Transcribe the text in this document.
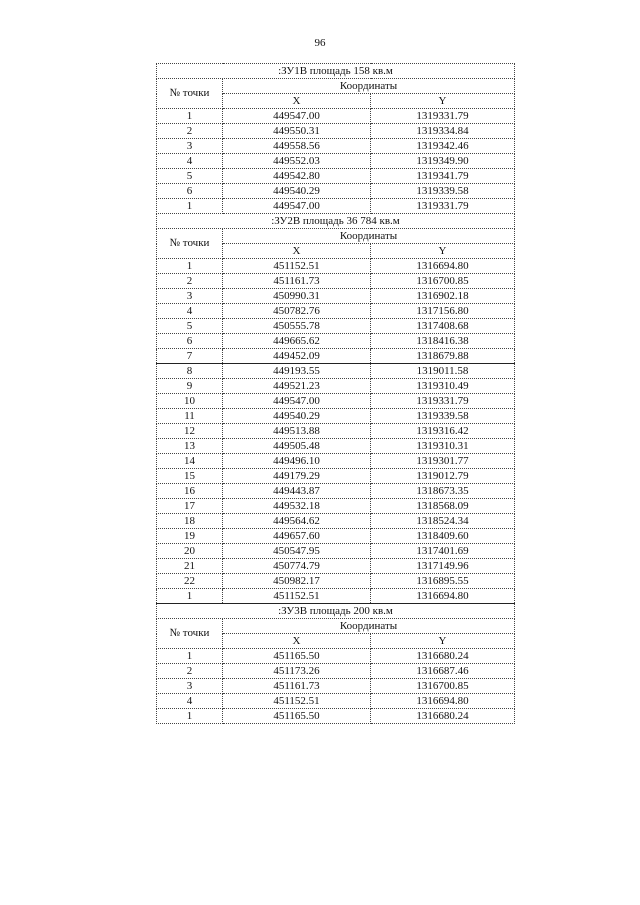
96
:ЗУ1В площадь 158 кв.м		
№ точки	Координаты	
	X	Y
1	449547.00	1319331.79
2	449550.31	1319334.84
3	449558.56	1319342.46
4	449552.03	1319349.90
5	449542.80	1319341.79
6	449540.29	1319339.58
1	449547.00	1319331.79
:ЗУ2В площадь 36 784 кв.м		
№ точки	Координаты	
	X	Y
1	451152.51	1316694.80
2	451161.73	1316700.85
3	450990.31	1316902.18
4	450782.76	1317156.80
5	450555.78	1317408.68
6	449665.62	1318416.38
7	449452.09	1318679.88
8	449193.55	1319011.58
9	449521.23	1319310.49
10	449547.00	1319331.79
11	449540.29	1319339.58
12	449513.88	1319316.42
13	449505.48	1319310.31
14	449496.10	1319301.77
15	449179.29	1319012.79
16	449443.87	1318673.35
17	449532.18	1318568.09
18	449564.62	1318524.34
19	449657.60	1318409.60
20	450547.95	1317401.69
21	450774.79	1317149.96
22	450982.17	1316895.55
1	451152.51	1316694.80
:ЗУ3В площадь 200 кв.м		
№ точки	Координаты	
	X	Y
1	451165.50	1316680.24
2	451173.26	1316687.46
3	451161.73	1316700.85
4	451152.51	1316694.80
1	451165.50	1316680.24
